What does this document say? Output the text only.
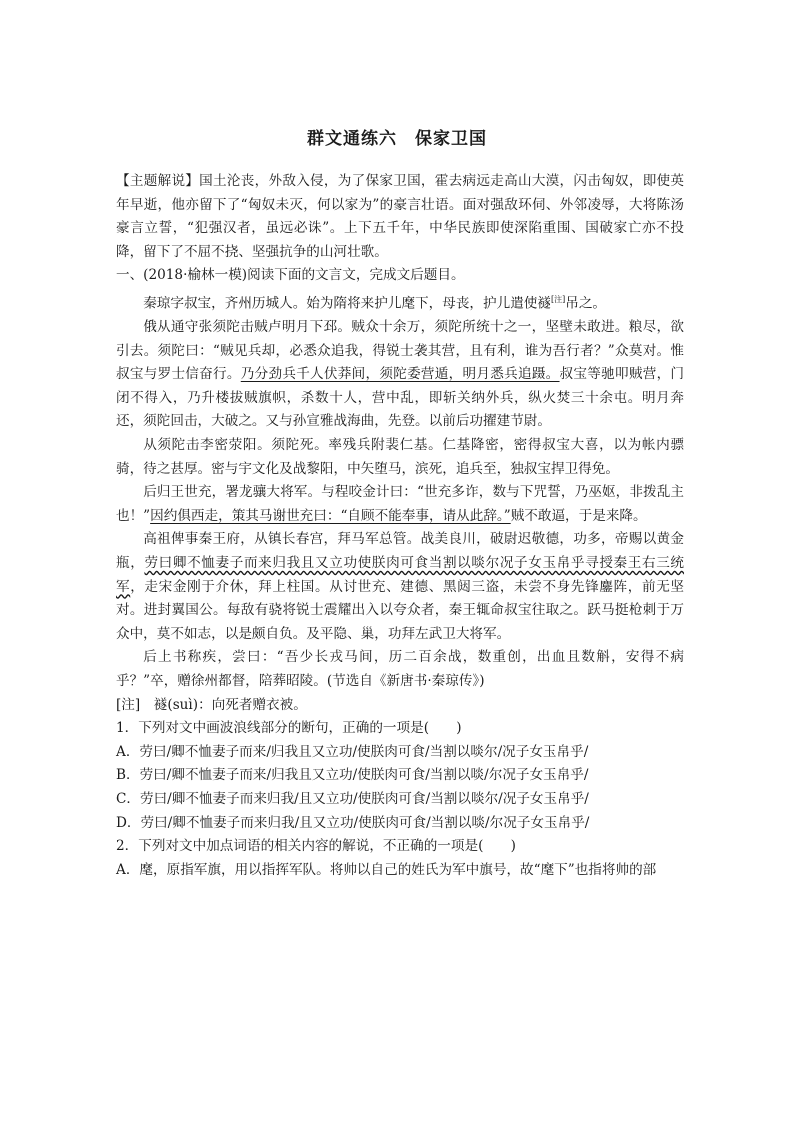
群文通练六　保家卫国

【主题解说】国土沦丧，外敌入侵，为了保家卫国，霍去病远走高山大漠，闪击匈奴，即使英年早逝，他亦留下了“匈奴未灭，何以家为”的豪言壮语。面对强敌环伺、外邻凌辱，大将陈汤豪言立誓，“犯强汉者，虽远必诛”。上下五千年，中华民族即使深陷重围、国破家亡亦不投降，留下了不屈不挠、坚强抗争的山河壮歌。

一、(2018·榆林一模)阅读下面的文言文，完成文后题目。

秦琼字叔宝，齐州历城人。始为隋将来护儿麾下，母丧，护儿遣使襚[注]吊之。

俄从通守张须陀击贼卢明月下邳。贼众十余万，须陀所统十之一，坚壁未敢进。粮尽，欲引去。须陀曰：“贼见兵却，必悉众追我，得锐士袭其营，且有利，谁为吾行者？”众莫对。惟叔宝与罗士信奋行。乃分劲兵千人伏莽间，须陀委营遁，明月悉兵追蹑。叔宝等驰叩贼营，门闭不得入，乃升楼拔贼旗帜，杀数十人，营中乱，即斩关纳外兵，纵火焚三十余屯。明月奔还，须陀回击，大破之。又与孙宣雅战海曲，先登。以前后功擢建节尉。

从须陀击李密荥阳。须陀死。率残兵附裴仁基。仁基降密，密得叔宝大喜，以为帐内骠骑，待之甚厚。密与宇文化及战黎阳，中矢堕马，滨死，追兵至，独叔宝捍卫得免。

后归王世充，署龙骧大将军。与程咬金计曰：“世充多诈，数与下咒誓，乃巫妪，非拨乱主也！”因约俱西走，策其马谢世充曰：“自顾不能奉事，请从此辞。”贼不敢逼，于是来降。

高祖俾事秦王府，从镇长春宫，拜马军总管。战美良川，破尉迟敬德，功多，帝赐以黄金瓶，劳曰卿不恤妻子而来归我且又立功使朕肉可食当割以啖尔况子女玉帛乎寻授秦王右三统军，走宋金刚于介休，拜上柱国。从讨世充、建德、黑闼三盗，未尝不身先锋鏖阵，前无坚对。进封翼国公。每敌有骁将锐士震耀出入以夸众者，秦王辄命叔宝往取之。跃马挺枪刺于万众中，莫不如志，以是颇自负。及平隐、巢，功拜左武卫大将军。

后上书称疾，尝曰：“吾少长戎马间，历二百余战，数重创，出血且数斛，安得不病乎？”卒，赠徐州都督，陪葬昭陵。(节选自《新唐书·秦琼传》)

[注]　襚(suì)：向死者赠衣被。

1．下列对文中画波浪线部分的断句，正确的一项是(　　)

A．劳曰/卿不恤妻子而来/归我且又立功/使朕肉可食/当割以啖尔/况子女玉帛乎/

B．劳曰/卿不恤妻子而来/归我且又立功/使朕肉可食/当割以啖/尔况子女玉帛乎/

C．劳曰/卿不恤妻子而来归我/且又立功/使朕肉可食/当割以啖尔/况子女玉帛乎/

D．劳曰/卿不恤妻子而来归我/且又立功/使朕肉可食/当割以啖/尔况子女玉帛乎/

2．下列对文中加点词语的相关内容的解说，不正确的一项是(　　)

A．麾，原指军旗，用以指挥军队。将帅以自己的姓氏为军中旗号，故“麾下”也指将帅的部
